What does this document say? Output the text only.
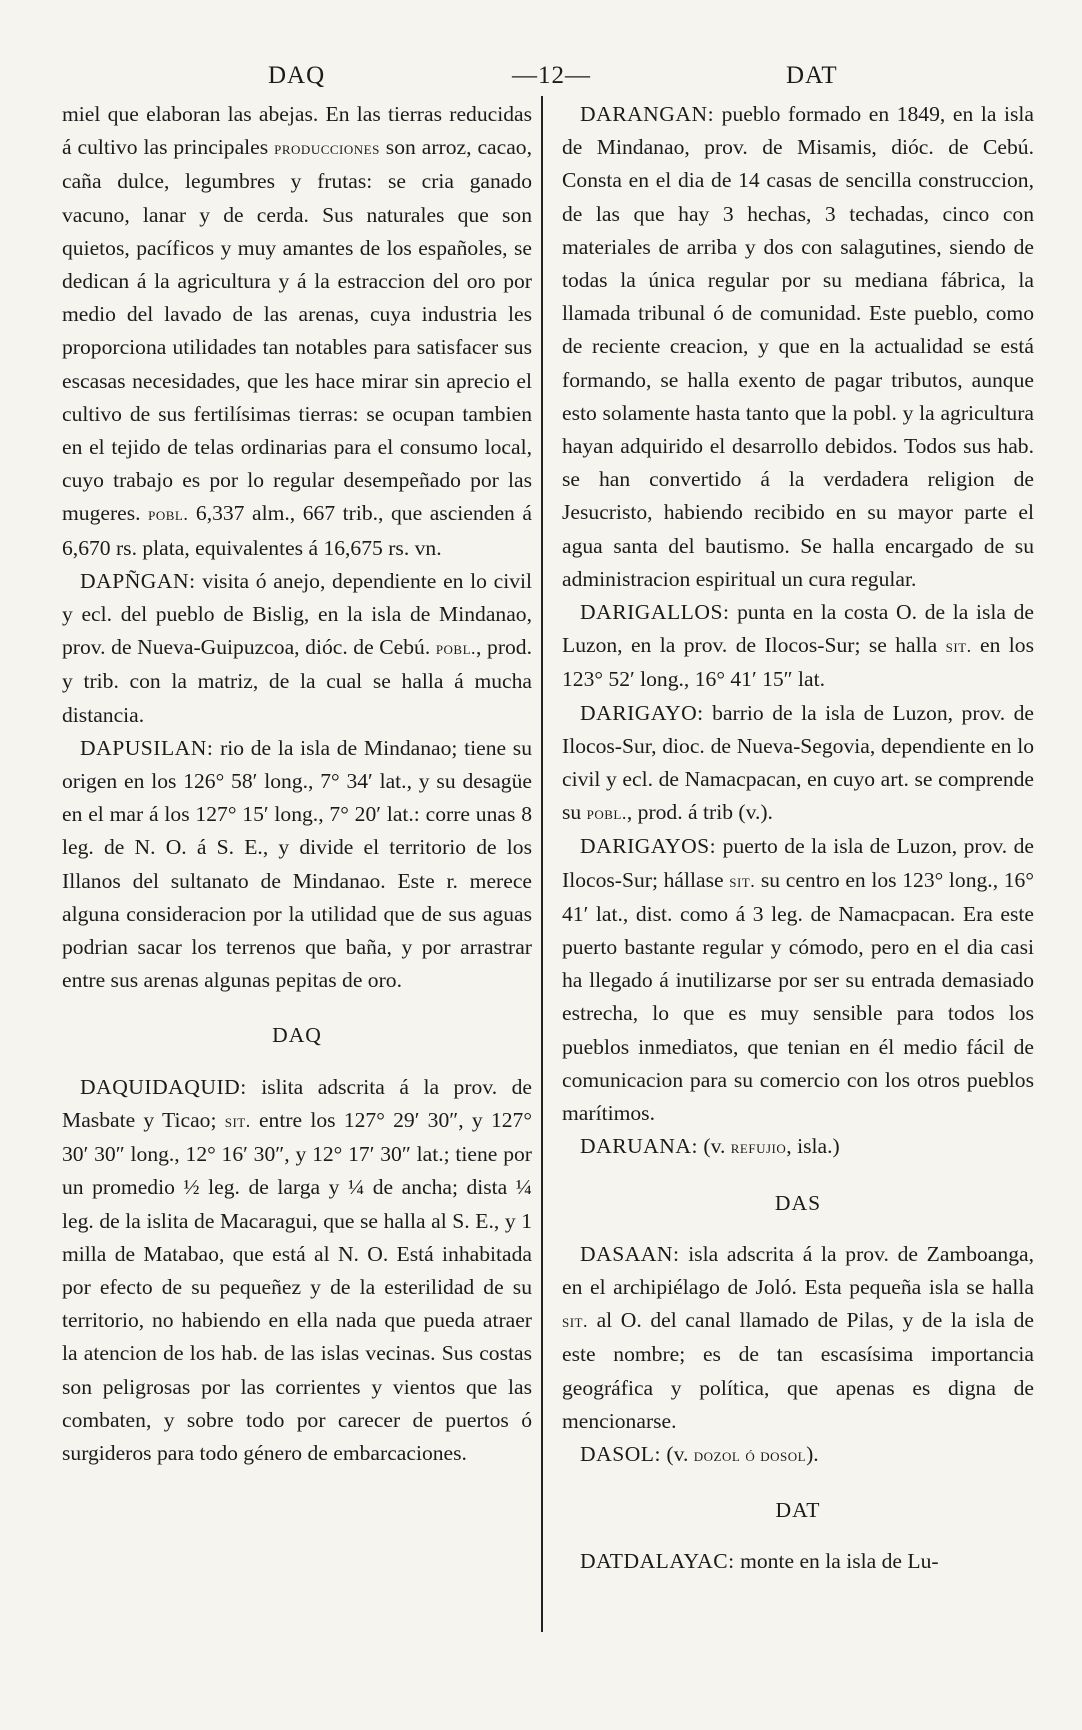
DAQ	—12—	DAT

miel que elaboran las abejas. En las tierras reducidas á cultivo las principales producciones son arroz, cacao, caña dulce, legumbres y frutas: se cria ganado vacuno, lanar y de cerda. Sus naturales que son quietos, pacíficos y muy amantes de los españoles, se dedican á la agricultura y á la estraccion del oro por medio del lavado de las arenas, cuya industria les proporciona utilidades tan notables para satisfacer sus escasas necesidades, que les hace mirar sin aprecio el cultivo de sus fertilísimas tierras: se ocupan tambien en el tejido de telas ordinarias para el consumo local, cuyo trabajo es por lo regular desempeñado por las mugeres. pobl. 6,337 alm., 667 trib., que ascienden á 6,670 rs. plata, equivalentes á 16,675 rs. vn.

DAPÑGAN: visita ó anejo, dependiente en lo civil y ecl. del pueblo de Bislig, en la isla de Mindanao, prov. de Nueva-Guipuzcoa, dióc. de Cebú. pobl., prod. y trib. con la matriz, de la cual se halla á mucha distancia.

DAPUSILAN: rio de la isla de Mindanao; tiene su origen en los 126° 58′ long., 7° 34′ lat., y su desagüe en el mar á los 127° 15′ long., 7° 20′ lat.: corre unas 8 leg. de N. O. á S. E., y divide el territorio de los Illanos del sultanato de Mindanao. Este r. merece alguna consideracion por la utilidad que de sus aguas podrian sacar los terrenos que baña, y por arrastrar entre sus arenas algunas pepitas de oro.

DAQ

DAQUIDAQUID: islita adscrita á la prov. de Masbate y Ticao; sit. entre los 127° 29′ 30″, y 127° 30′ 30″ long., 12° 16′ 30″, y 12° 17′ 30″ lat.; tiene por un promedio ½ leg. de larga y ¼ de ancha; dista ¼ leg. de la islita de Macaragui, que se halla al S. E., y 1 milla de Matabao, que está al N. O. Está inhabitada por efecto de su pequeñez y de la esterilidad de su territorio, no habiendo en ella nada que pueda atraer la atencion de los hab. de las islas vecinas. Sus costas son peligrosas por las corrientes y vientos que las combaten, y sobre todo por carecer de puertos ó surgideros para todo género de embarcaciones.

DARANGAN: pueblo formado en 1849, en la isla de Mindanao, prov. de Misamis, dióc. de Cebú. Consta en el dia de 14 casas de sencilla construccion, de las que hay 3 hechas, 3 techadas, cinco con materiales de arriba y dos con salagutines, siendo de todas la única regular por su mediana fábrica, la llamada tribunal ó de comunidad. Este pueblo, como de reciente creacion, y que en la actualidad se está formando, se halla exento de pagar tributos, aunque esto solamente hasta tanto que la pobl. y la agricultura hayan adquirido el desarrollo debidos. Todos sus hab. se han convertido á la verdadera religion de Jesucristo, habiendo recibido en su mayor parte el agua santa del bautismo. Se halla encargado de su administracion espiritual un cura regular.

DARIGALLOS: punta en la costa O. de la isla de Luzon, en la prov. de Ilocos-Sur; se halla sit. en los 123° 52′ long., 16° 41′ 15″ lat.

DARIGAYO: barrio de la isla de Luzon, prov. de Ilocos-Sur, dioc. de Nueva-Segovia, dependiente en lo civil y ecl. de Namacpacan, en cuyo art. se comprende su pobl., prod. á trib (v.).

DARIGAYOS: puerto de la isla de Luzon, prov. de Ilocos-Sur; hállase sit. su centro en los 123° long., 16° 41′ lat., dist. como á 3 leg. de Namacpacan. Era este puerto bastante regular y cómodo, pero en el dia casi ha llegado á inutilizarse por ser su entrada demasiado estrecha, lo que es muy sensible para todos los pueblos inmediatos, que tenian en él medio fácil de comunicacion para su comercio con los otros pueblos marítimos.

DARUANA: (v. refujio, isla.)

DAS

DASAAN: isla adscrita á la prov. de Zamboanga, en el archipiélago de Joló. Esta pequeña isla se halla sit. al O. del canal llamado de Pilas, y de la isla de este nombre; es de tan escasísima importancia geográfica y política, que apenas es digna de mencionarse.

DASOL: (v. dozol ó dosol).

DAT

DATDALAYAC: monte en la isla de Lu-
